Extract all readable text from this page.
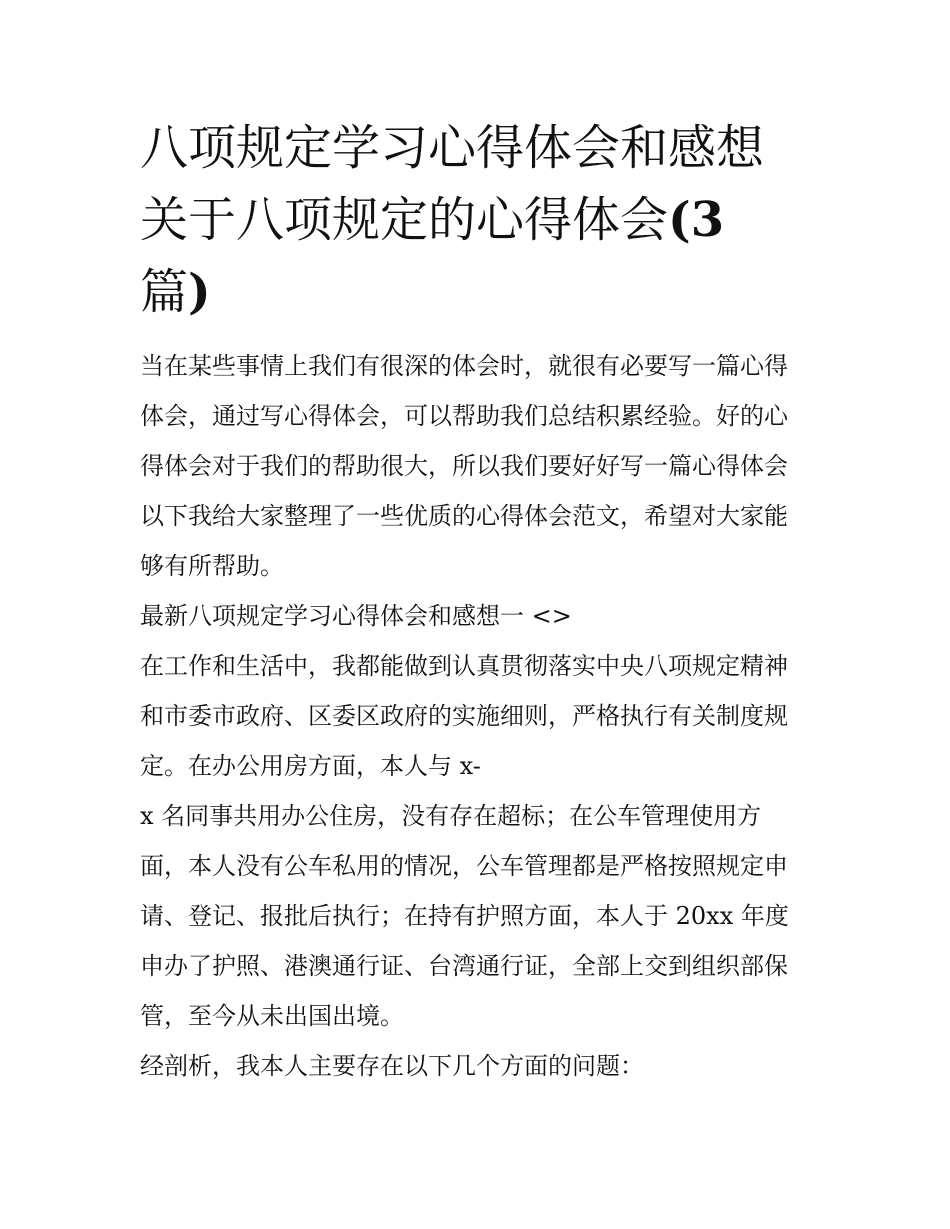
八项规定学习心得体会和感想
关于八项规定的心得体会(3
篇)

当在某些事情上我们有很深的体会时，就很有必要写一篇心得
体会，通过写心得体会，可以帮助我们总结积累经验。好的心
得体会对于我们的帮助很大，所以我们要好好写一篇心得体会
以下我给大家整理了一些优质的心得体会范文，希望对大家能
够有所帮助。

最新八项规定学习心得体会和感想一 <>

在工作和生活中，我都能做到认真贯彻落实中央八项规定精神
和市委市政府、区委区政府的实施细则，严格执行有关制度规
定。在办公用房方面，本人与 x-

x 名同事共用办公住房，没有存在超标；在公车管理使用方
面，本人没有公车私用的情况，公车管理都是严格按照规定申
请、登记、报批后执行；在持有护照方面，本人于 20xx 年度
申办了护照、港澳通行证、台湾通行证，全部上交到组织部保
管，至今从未出国出境。

经剖析，我本人主要存在以下几个方面的问题：
